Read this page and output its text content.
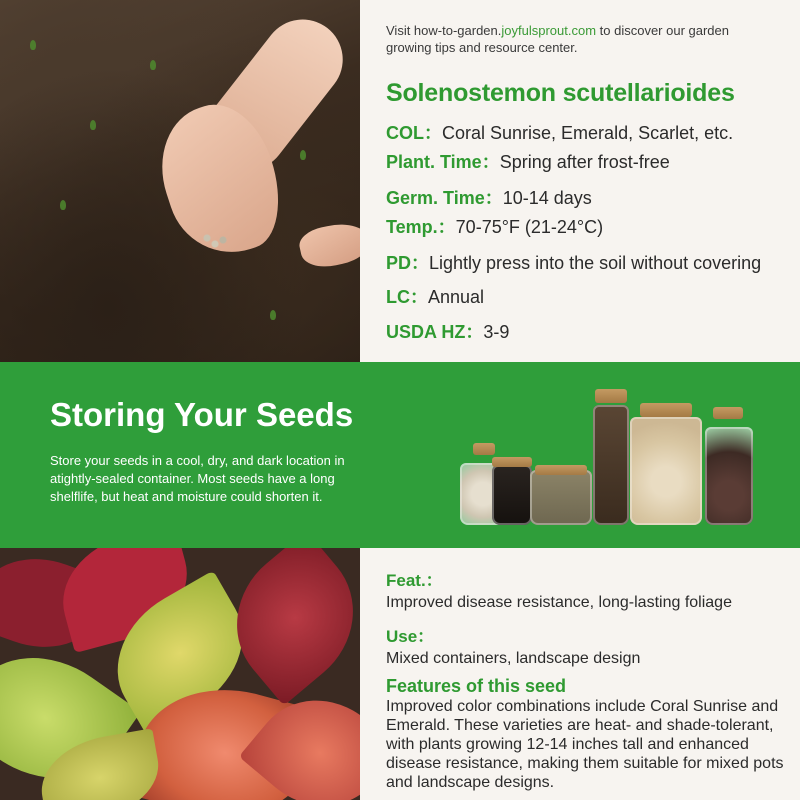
Visit how-to-garden.joyfulsprout.com to discover our garden growing tips and resource center.

Solenostemon scutellarioides
COL：Coral Sunrise, Emerald, Scarlet, etc.
Plant. Time：Spring after frost-free
Germ. Time：10-14 days
Temp.：70-75°F (21-24°C)
PD：Lightly press into the soil without covering
LC：Annual
USDA HZ：3-9
Storing Your Seeds

Store your seeds in a cool, dry, and dark location in atightly-sealed container. Most seeds have a long shelflife, but heat and moisture could shorten it.

Feat.：

Improved disease resistance, long-lasting foliage

Use：

Mixed containers, landscape design

Features of this seed

Improved color combinations include Coral Sunrise and Emerald. These varieties are heat- and shade-tolerant, with plants growing 12-14 inches tall and enhanced disease resistance, making them suitable for mixed pots and landscape designs.
